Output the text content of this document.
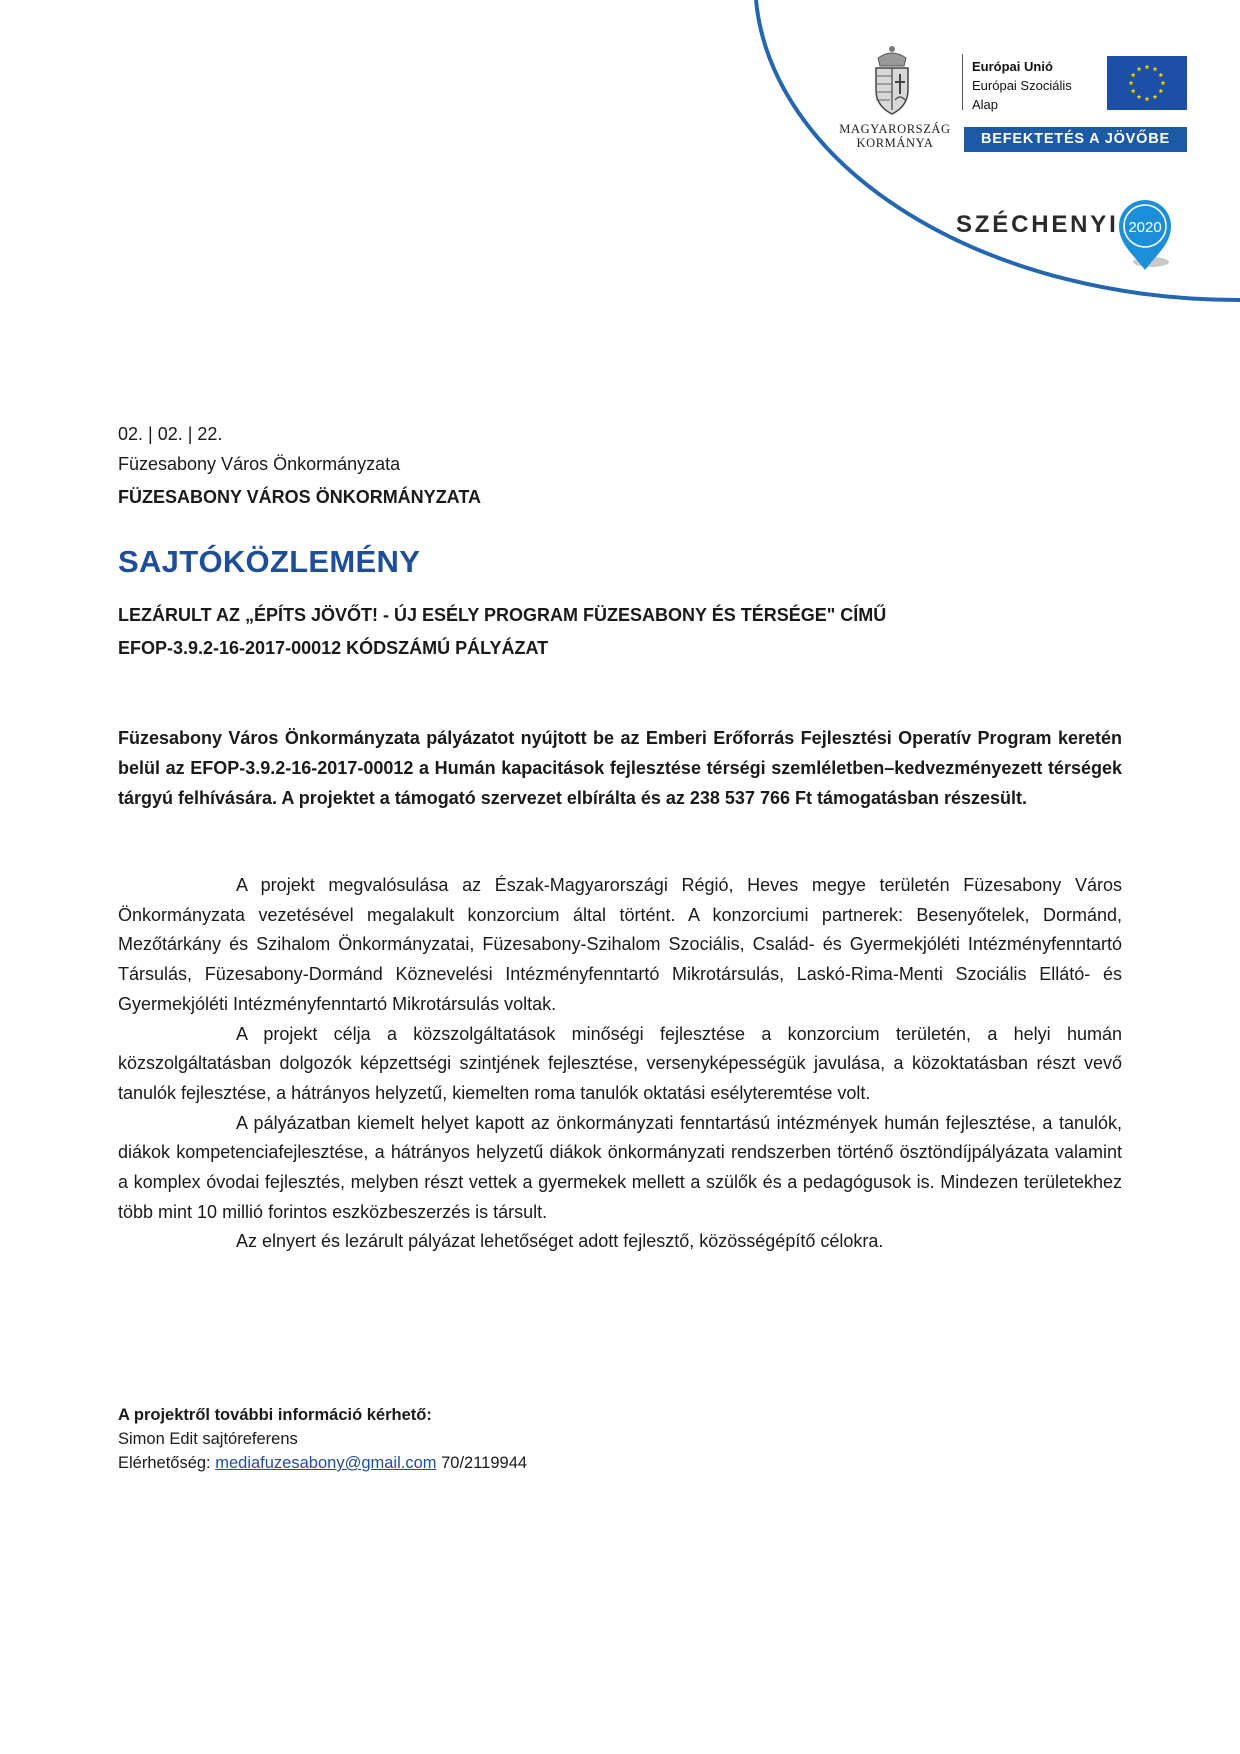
MAGYARORSZÁG
KORMÁNYA
Európai Unió
Európai Szociális
Alap
BEFEKTETÉS A JÖVŐBE
SZÉCHENYI 2020
02. | 02. | 22.
Füzesabony Város Önkormányzata
FÜZESABONY VÁROS ÖNKORMÁNYZATA
SAJTÓKÖZLEMÉNY
LEZÁRULT AZ „ÉPÍTS JÖVŐT! - ÚJ ESÉLY PROGRAM FÜZESABONY ÉS TÉRSÉGE" CÍMŰ
EFOP-3.9.2-16-2017-00012 KÓDSZÁMÚ PÁLYÁZAT
Füzesabony Város Önkormányzata pályázatot nyújtott be az Emberi Erőforrás Fejlesztési Operatív Program keretén belül az EFOP-3.9.2-16-2017-00012 a Humán kapacitások fejlesztése térségi szemléletben–kedvezményezett térségek tárgyú felhívására. A projektet a támogató szervezet elbírálta és az 238 537 766 Ft támogatásban részesült.

A projekt megvalósulása az Észak-Magyarországi Régió, Heves megye területén Füzesabony Város Önkormányzata vezetésével megalakult konzorcium által történt. A konzorciumi partnerek: Besenyőtelek, Dormánd, Mezőtárkány és Szihalom Önkormányzatai, Füzesabony-Szihalom Szociális, Család- és Gyermekjóléti Intézményfenntartó Társulás, Füzesabony-Dormánd Köznevelési Intézményfenntartó Mikrotársulás, Laskó-Rima-Menti Szociális Ellátó- és Gyermekjóléti Intézményfenntartó Mikrotársulás voltak.

A projekt célja a közszolgáltatások minőségi fejlesztése a konzorcium területén, a helyi humán közszolgáltatásban dolgozók képzettségi szintjének fejlesztése, versenyképességük javulása, a közoktatásban részt vevő tanulók fejlesztése, a hátrányos helyzetű, kiemelten roma tanulók oktatási esélyteremtése volt.

A pályázatban kiemelt helyet kapott az önkormányzati fenntartású intézmények humán fejlesztése, a tanulók, diákok kompetenciafejlesztése, a hátrányos helyzetű diákok önkormányzati rendszerben történő ösztöndíjpályázata valamint a komplex óvodai fejlesztés, melyben részt vettek a gyermekek mellett a szülők és a pedagógusok is. Mindezen területekhez több mint 10 millió forintos eszközbeszerzés is társult.

Az elnyert és lezárult pályázat lehetőséget adott fejlesztő, közösségépítő célokra.

A projektről további információ kérhető:
Simon Edit sajtóreferens
Elérhetőség: mediafuzesabony@gmail.com 70/2119944
